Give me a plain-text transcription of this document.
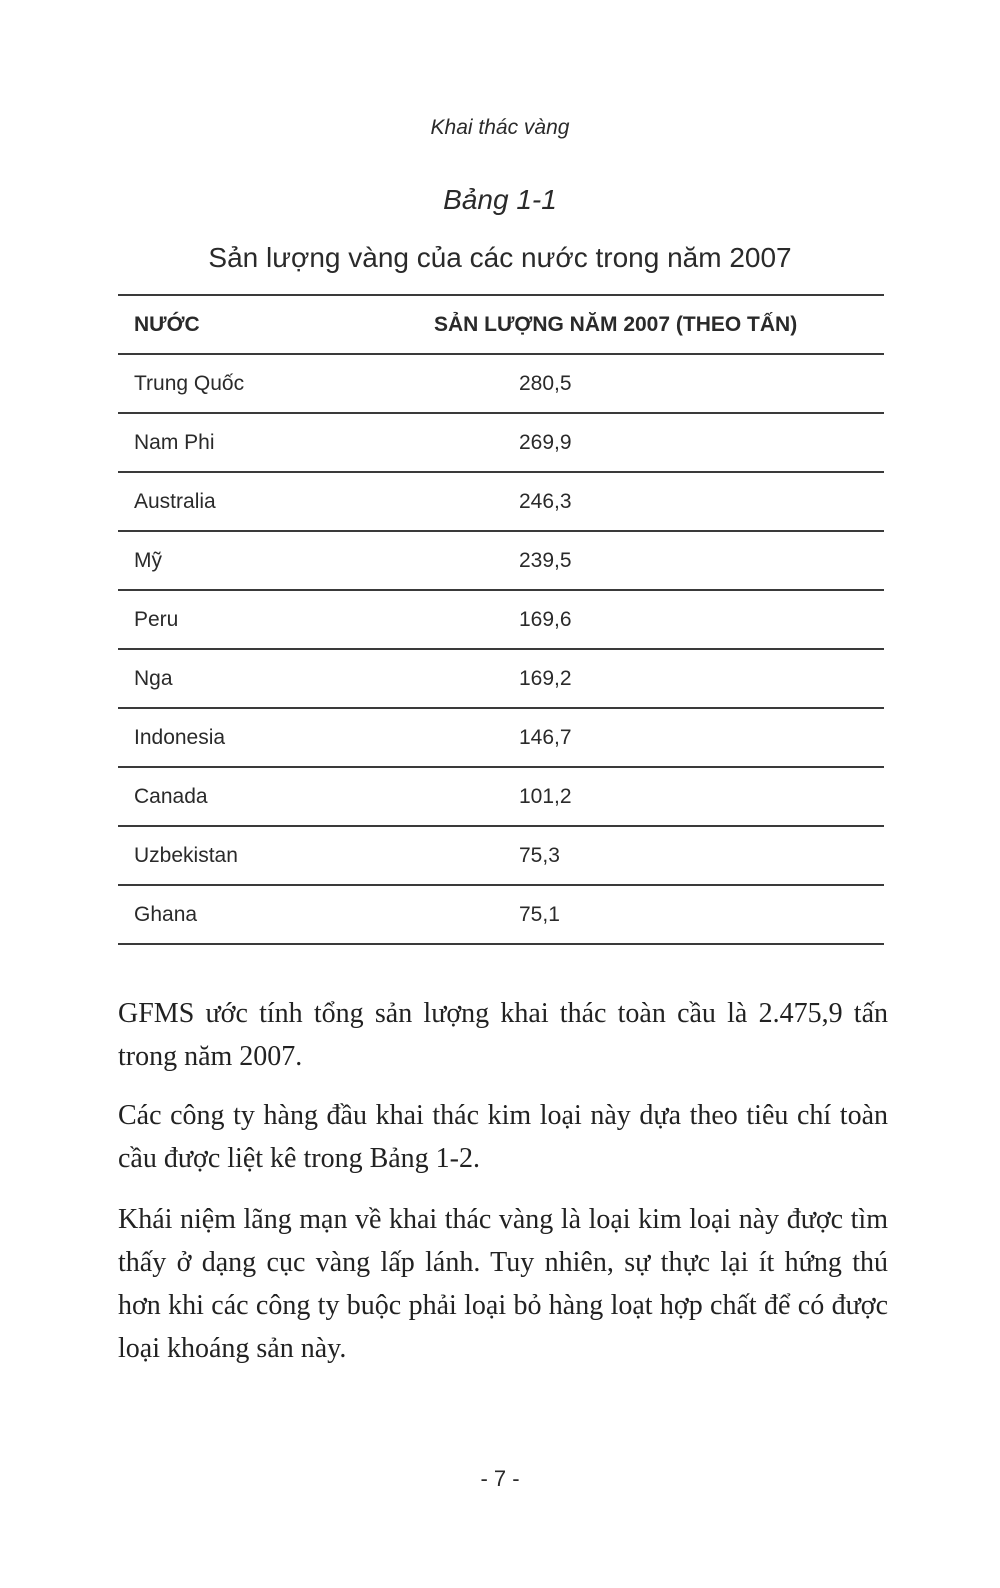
Khai thác vàng
Bảng 1-1
Sản lượng vàng của các nước trong năm 2007
NƯỚC	SẢN LƯỢNG NĂM 2007 (THEO TẤN)
Trung Quốc	280,5
Nam Phi	269,9
Australia	246,3
Mỹ	239,5
Peru	169,6
Nga	169,2
Indonesia	146,7
Canada	101,2
Uzbekistan	75,3
Ghana	75,1

GFMS ước tính tổng sản lượng khai thác toàn cầu là 2.475,9 tấn trong năm 2007.

Các công ty hàng đầu khai thác kim loại này dựa theo tiêu chí toàn cầu được liệt kê trong Bảng 1-2.

Khái niệm lãng mạn về khai thác vàng là loại kim loại này được tìm thấy ở dạng cục vàng lấp lánh. Tuy nhiên, sự thực lại ít hứng thú hơn khi các công ty buộc phải loại bỏ hàng loạt hợp chất để có được loại khoáng sản này.

- 7 -
